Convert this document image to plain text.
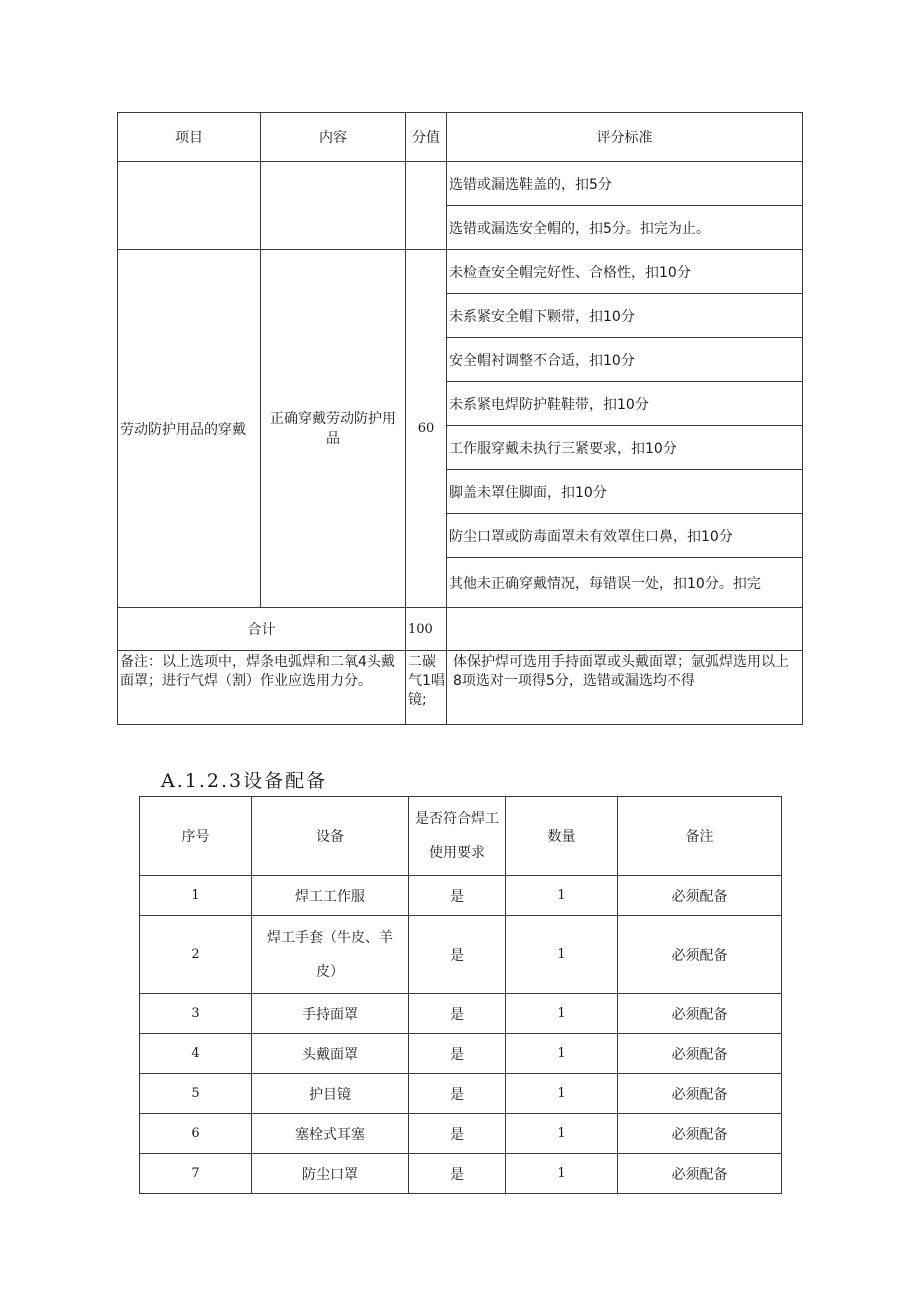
项目	内容	分值	评分标准
			选错或漏选鞋盖的，扣5分
			选错或漏选安全帽的，扣5分。扣完为止。
劳动防护用品的穿戴	正确穿戴劳动防护用品	60	未检查安全帽完好性、合格性，扣10分
			未系紧安全帽下颗带，扣10分
			安全帽衬调整不合适，扣10分
			未系紧电焊防护鞋鞋带，扣10分
			工作服穿戴未执行三紧要求，扣10分
			脚盖未罩住脚面，扣10分
			防尘口罩或防毒面罩未有效罩住口鼻，扣10分
			其他未正确穿戴情况，每错误一处，扣10分。扣完
合计		100	
备注：以上选项中，焊条电弧焊和二氧4头戴面罩；进行气焊（割）作业应选用力分。		二碳气1唱镜;	体保护焊可选用手持面罩或头戴面罩；氩弧焊选用以上8项选对一项得5分，选错或漏选均不得
A.1.2.3设备配备
序号	设备	是否符合焊工使用要求	数量	备注
1	焊工工作服	是	1	必须配备
2	焊工手套（牛皮、羊皮）	是	1	必须配备
3	手持面罩	是	1	必须配备
4	头戴面罩	是	1	必须配备
5	护目镜	是	1	必须配备
6	塞栓式耳塞	是	1	必须配备
7	防尘口罩	是	1	必须配备
